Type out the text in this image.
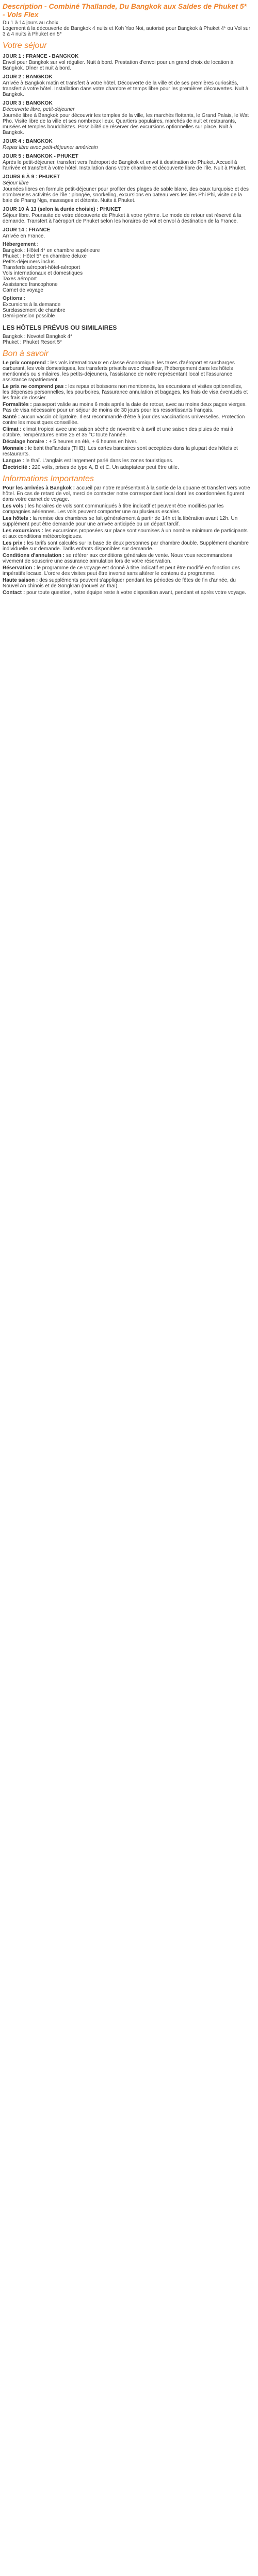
Description - Combiné Thaïlande, Du Bangkok aux Saldes de Phuket 5* - Vols Flex
Du 1 à 14 jours au choix
Logement à la découverte de Bangkok 4 nuits et Koh Yao Noi, autorisé pour Bangkok à Phuket 4* ou Vol sur 3 à 4 nuits à Phuket en 5*
Votre séjour
JOUR 1 : FRANCE - BANGKOK
Envol pour Bangkok sur vol régulier. Nuit à bord. Prestation d'envoi pour un grand choix de location à Bangkok. Dîner et nuit à bord.
JOUR 2 : BANGKOK
Arrivée à Bangkok matin et transfert à votre hôtel. Découverte de la ville et de ses premières curiosités, transfert à votre hôtel. Installation dans votre chambre et temps libre pour les premières découvertes. Nuit à Bangkok.
JOUR 3 : BANGKOK
Découverte libre, petit-déjeuner
Journée libre à Bangkok pour découvrir les temples de la ville, les marchés flottants, le Grand Palais, le Wat Pho. Visite libre de la ville et ses nombreux lieux. Quartiers populaires, marchés de nuit et restaurants, musées et temples bouddhistes. Possibilité de réserver des excursions optionnelles sur place. Nuit à Bangkok.
JOUR 4 : BANGKOK
Repas libre avec petit-déjeuner américain
JOUR 5 : BANGKOK - PHUKET
Après le petit-déjeuner, transfert vers l'aéroport de Bangkok et envol à destination de Phuket. Accueil à l'arrivée et transfert à votre hôtel. Installation dans votre chambre et découverte libre de l'île. Nuit à Phuket.
JOURS 6 À 9 : PHUKET
Séjour libre
Journées libres en formule petit-déjeuner pour profiter des plages de sable blanc, des eaux turquoise et des nombreuses activités de l'île : plongée, snorkeling, excursions en bateau vers les îles Phi Phi, visite de la baie de Phang Nga, massages et détente. Nuits à Phuket.
JOUR 10 À 13 (selon la durée choisie) : PHUKET
Séjour libre. Poursuite de votre découverte de Phuket à votre rythme. Le mode de retour est réservé à la demande. Transfert à l'aéroport de Phuket selon les horaires de vol et envol à destination de la France.
JOUR 14 : FRANCE
Arrivée en France.
Hébergement :
Bangkok : Hôtel 4* en chambre supérieure
Phuket : Hôtel 5* en chambre deluxe
Petits-déjeuners inclus
Transferts aéroport-hôtel-aéroport
Vols internationaux et domestiques
Taxes aéroport
Assistance francophone
Carnet de voyage
Options :
Excursions à la demande
Surclassement de chambre
Demi-pension possible
LES HÔTELS PRÉVUS OU SIMILAIRES
Bangkok : Novotel Bangkok 4*
Phuket : Phuket Resort 5*
Bon à savoir
Le prix comprend : les vols internationaux en classe économique, les taxes d'aéroport et surcharges carburant, les vols domestiques, les transferts privatifs avec chauffeur, l'hébergement dans les hôtels mentionnés ou similaires, les petits-déjeuners, l'assistance de notre représentant local et l'assurance assistance rapatriement.
Le prix ne comprend pas : les repas et boissons non mentionnés, les excursions et visites optionnelles, les dépenses personnelles, les pourboires, l'assurance annulation et bagages, les frais de visa éventuels et les frais de dossier.
Formalités : passeport valide au moins 6 mois après la date de retour, avec au moins deux pages vierges. Pas de visa nécessaire pour un séjour de moins de 30 jours pour les ressortissants français.
Santé : aucun vaccin obligatoire. Il est recommandé d'être à jour des vaccinations universelles. Protection contre les moustiques conseillée.
Climat : climat tropical avec une saison sèche de novembre à avril et une saison des pluies de mai à octobre. Températures entre 25 et 35 °C toute l'année.
Décalage horaire : + 5 heures en été, + 6 heures en hiver.
Monnaie : le baht thaïlandais (THB). Les cartes bancaires sont acceptées dans la plupart des hôtels et restaurants.
Langue : le thaï. L'anglais est largement parlé dans les zones touristiques.
Électricité : 220 volts, prises de type A, B et C. Un adaptateur peut être utile.
Informations Importantes
Pour les arrivées à Bangkok : accueil par notre représentant à la sortie de la douane et transfert vers votre hôtel. En cas de retard de vol, merci de contacter notre correspondant local dont les coordonnées figurent dans votre carnet de voyage.
Les vols : les horaires de vols sont communiqués à titre indicatif et peuvent être modifiés par les compagnies aériennes. Les vols peuvent comporter une ou plusieurs escales.
Les hôtels : la remise des chambres se fait généralement à partir de 14h et la libération avant 12h. Un supplément peut être demandé pour une arrivée anticipée ou un départ tardif.
Les excursions : les excursions proposées sur place sont soumises à un nombre minimum de participants et aux conditions météorologiques.
Les prix : les tarifs sont calculés sur la base de deux personnes par chambre double. Supplément chambre individuelle sur demande. Tarifs enfants disponibles sur demande.
Conditions d'annulation : se référer aux conditions générales de vente. Nous vous recommandons vivement de souscrire une assurance annulation lors de votre réservation.
Réservation : le programme de ce voyage est donné à titre indicatif et peut être modifié en fonction des impératifs locaux. L'ordre des visites peut être inversé sans altérer le contenu du programme.
Haute saison : des suppléments peuvent s'appliquer pendant les périodes de fêtes de fin d'année, du Nouvel An chinois et de Songkran (nouvel an thaï).
Contact : pour toute question, notre équipe reste à votre disposition avant, pendant et après votre voyage.
